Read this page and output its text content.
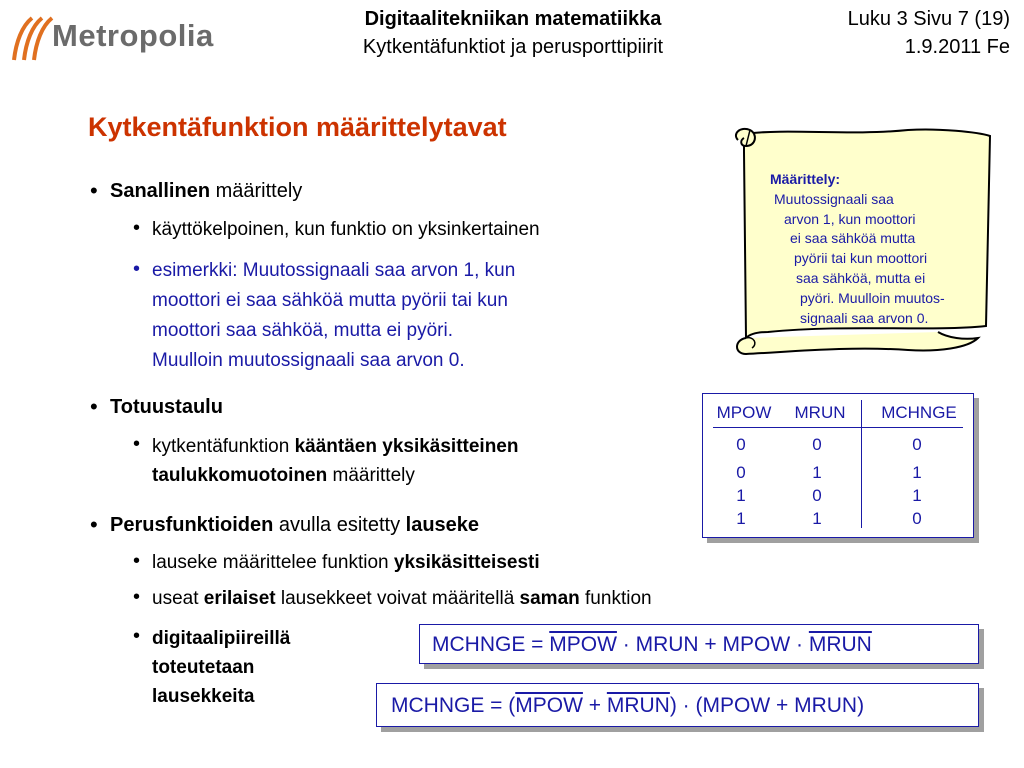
Metropolia	Digitaalitekniikan matematiikka
Kytkentäfunktiot ja perusporttipiirit
Luku 3 Sivu 7 (19)
1.9.2011 Fe
Kytkentäfunktion määrittelytavat
• Sanallinen määrittely
• käyttökelpoinen, kun funktio on yksinkertainen
• esimerkki: Muutossignaali saa arvon 1, kun
moottori ei saa sähköä mutta pyörii tai kun
moottori saa sähköä, mutta ei pyöri.
Muulloin muutossignaali saa arvon 0.
• Totuustaulu
• kytkentäfunktion kääntäen yksikäsitteinen
taulukkomuotoinen määrittely
• Perusfunktioiden avulla esitetty lauseke
• lauseke määrittelee funktion yksikäsitteisesti
• useat erilaiset lausekkeet voivat määritellä saman funktion
• digitaalipiireillä
toteutetaan
lausekkeita
Määrittely:
Muutossignaali saa
arvon 1, kun moottori
ei saa sähköä mutta
pyörii tai kun moottori
saa sähköä, mutta ei
pyöri. Muulloin muutos-
signaali saa arvon 0.
MPOW	MRUN	MCHNGE
0	0	0
0	1	1
1	0	1
1	1	0
MCHNGE = MPOW · MRUN + MPOW · MRUN
MCHNGE = (MPOW + MRUN) · (MPOW + MRUN)
